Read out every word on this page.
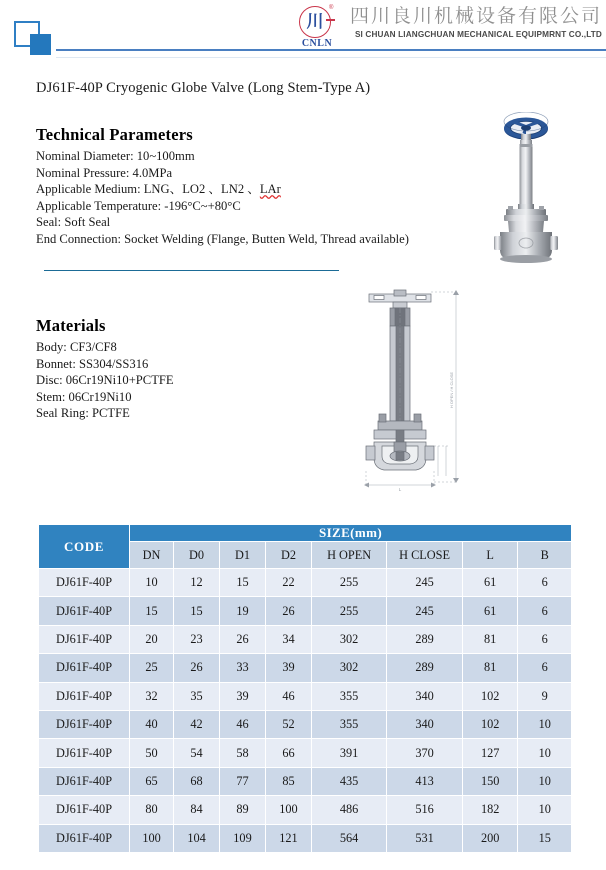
川
®
CNLN
四川良川机械设备有限公司
SI CHUAN LIANGCHUAN MECHANICAL EQUIPMRNT CO.,LTD
DJ61F-40P Cryogenic Globe Valve (Long Stem-Type A)
Technical Parameters
Nominal Diameter: 10~100mm
Nominal Pressure: 4.0MPa
Applicable Medium: LNG、LO2 、LN2 、LAr
Applicable Temperature: -196°C~+80°C
Seal: Soft Seal
End Connection: Socket Welding (Flange, Butten Weld, Thread available)
Materials
Body: CF3/CF8
Bonnet: SS304/SS316
Disc: 06Cr19Ni10+PCTFE
Stem: 06Cr19Ni10
Seal Ring: PCTFE
H OPEN / H CLOSE
L
CODE	SIZE(mm)							
	DN	D0	D1	D2	H OPEN	H CLOSE	L	B
DJ61F-40P	10	12	15	22	255	245	61	6
DJ61F-40P	15	15	19	26	255	245	61	6
DJ61F-40P	20	23	26	34	302	289	81	6
DJ61F-40P	25	26	33	39	302	289	81	6
DJ61F-40P	32	35	39	46	355	340	102	9
DJ61F-40P	40	42	46	52	355	340	102	10
DJ61F-40P	50	54	58	66	391	370	127	10
DJ61F-40P	65	68	77	85	435	413	150	10
DJ61F-40P	80	84	89	100	486	516	182	10
DJ61F-40P	100	104	109	121	564	531	200	15
